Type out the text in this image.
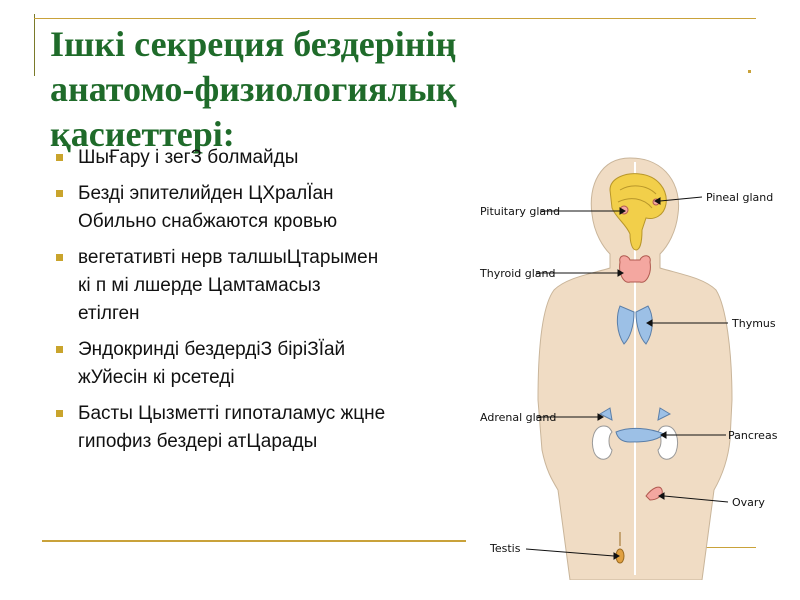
Ішкі секреция бездерінің
анатомо-физиологиялық
қасиеттері:
ШыҒару і зегЗ болмайды
Безді эпителийден ЦХралЇан
Обильно снабжаются кровью
вегетативті нерв талшыЦтарымен
кі п мі лшерде Цамтамасыз
етілген
Эндокринді бездердіЗ біріЗЇай
жУйесін кі рсетеді
Басты Цызметті гипоталамус жцне
гипофиз бездері атЦарады
Pituitary gland
Pineal gland
Thyroid gland
Thymus
Adrenal gland
Pancreas
Ovary
Testis
